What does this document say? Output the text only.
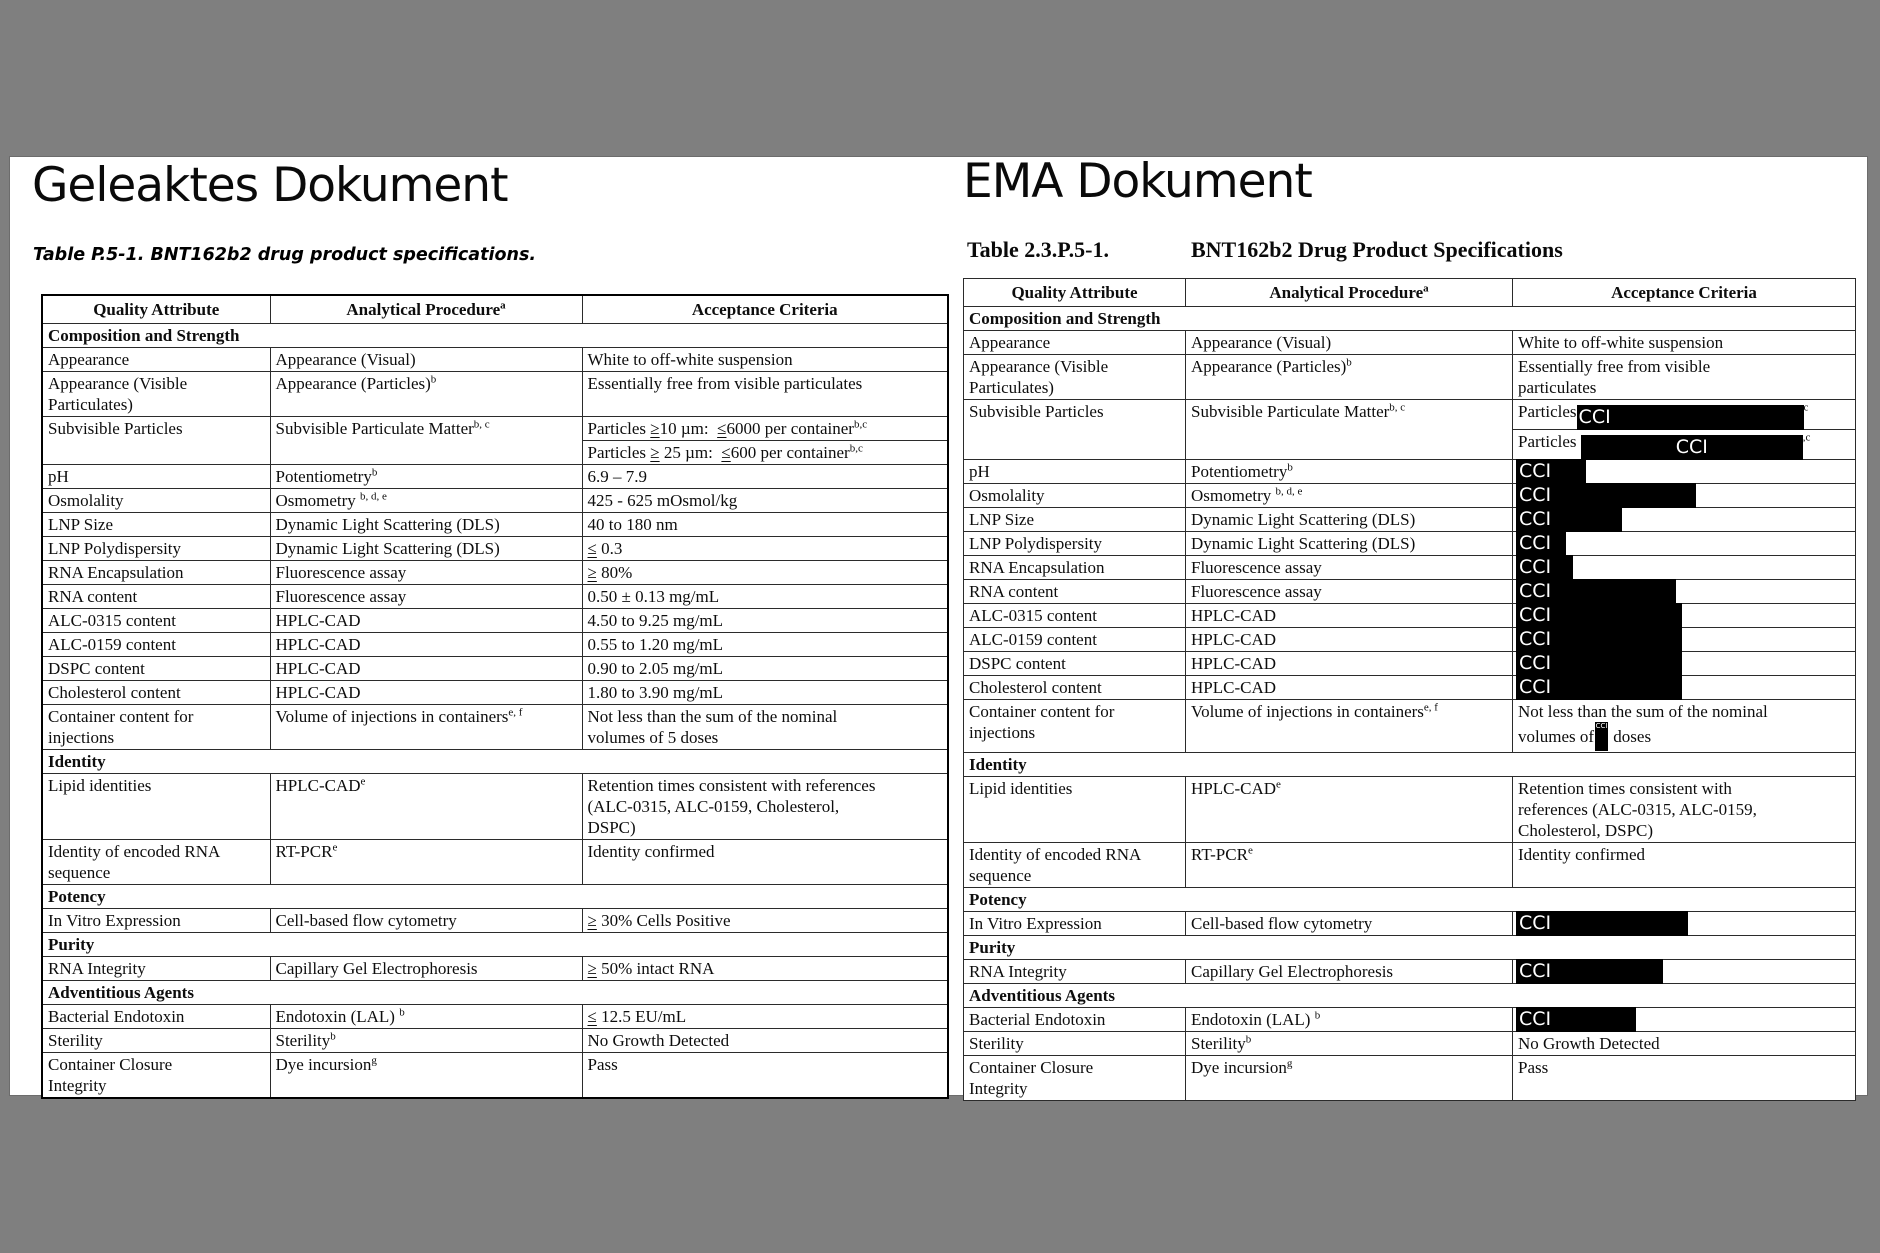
Geleaktes Dokument
Table P.5-1. BNT162b2 drug product specifications.
Quality Attribute	Analytical Procedure$^a$	Acceptance Criteria
Composition and Strength		
Appearance	Appearance (Visual)	White to off-white suspension
Appearance (Visible
Particulates)	Appearance (Particles)$^b$	Essentially free from visible particulates
Subvisible Particles	Subvisible Particulate Matter$^{b, c}$	Particles ≥10 µm:  ≤6000 per container$^{b,c}$
Particles ≥ 25 µm:  ≤600 per container$^{b,c}$

pH	Potentiometry$^b$	6.9 – 7.9
Osmolality	Osmometry $^{b, d, e}$	425 - 625 mOsmol/kg
LNP Size	Dynamic Light Scattering (DLS)	40 to 180 nm
LNP Polydispersity	Dynamic Light Scattering (DLS)	≤ 0.3
RNA Encapsulation	Fluorescence assay	≥ 80%
RNA content	Fluorescence assay	0.50 ± 0.13 mg/mL
ALC-0315 content	HPLC-CAD	4.50 to 9.25 mg/mL
ALC-0159 content	HPLC-CAD	0.55 to 1.20 mg/mL
DSPC content	HPLC-CAD	0.90 to 2.05 mg/mL
Cholesterol content	HPLC-CAD	1.80 to 3.90 mg/mL
Container content for
injections	Volume of injections in containers$^{e, f}$	Not less than the sum of the nominal
volumes of 5 doses
Identity		
Lipid identities	HPLC-CAD$^e$	Retention times consistent with references
(ALC-0315, ALC-0159, Cholesterol,
DSPC)
Identity of encoded RNA
sequence	RT-PCR$^e$	Identity confirmed
Potency		
In Vitro Expression	Cell-based flow cytometry	≥ 30% Cells Positive
Purity		
RNA Integrity	Capillary Gel Electrophoresis	≥ 50% intact RNA
Adventitious Agents		
Bacterial Endotoxin	Endotoxin (LAL) $^b$	≤ 12.5 EU/mL
Sterility	Sterility$^b$	No Growth Detected
Container Closure
Integrity	Dye incursion$^g$	Pass
EMA Dokument
Table 2.3.P.5-1.	BNT162b2 Drug Product Specifications
Quality Attribute	Analytical Procedure$^a$	Acceptance Criteria
Composition and Strength		
Appearance	Appearance (Visual)	White to off-white suspension
Appearance (Visible
Particulates)	Appearance (Particles)$^b$	Essentially free from visible
particulates
Subvisible Particles	Subvisible Particulate Matter$^{b, c}$	Particles CCI $^c$
Particles CCI $^{,c}$

pH	Potentiometry$^b$	CCI

Osmolality	Osmometry $^{b, d, e}$	CCI

LNP Size	Dynamic Light Scattering (DLS)	CCI

LNP Polydispersity	Dynamic Light Scattering (DLS)	CCI

RNA Encapsulation	Fluorescence assay	CCI

RNA content	Fluorescence assay	CCI

ALC-0315 content	HPLC-CAD	CCI

ALC-0159 content	HPLC-CAD	CCI

DSPC content	HPLC-CAD	CCI

Cholesterol content	HPLC-CAD	CCI

Container content for
injections	Volume of injections in containers$^{e, f}$	Not less than the sum of the nominal
volumes ofCCI doses
Identity		
Lipid identities	HPLC-CAD$^e$	Retention times consistent with
references (ALC-0315, ALC-0159,
Cholesterol, DSPC)
Identity of encoded RNA
sequence	RT-PCR$^e$	Identity confirmed
Potency		
In Vitro Expression	Cell-based flow cytometry	CCI

Purity		
RNA Integrity	Capillary Gel Electrophoresis	CCI

Adventitious Agents		
Bacterial Endotoxin	Endotoxin (LAL) $^b$	CCI

Sterility	Sterility$^b$	No Growth Detected
Container Closure
Integrity	Dye incursion$^g$	Pass
